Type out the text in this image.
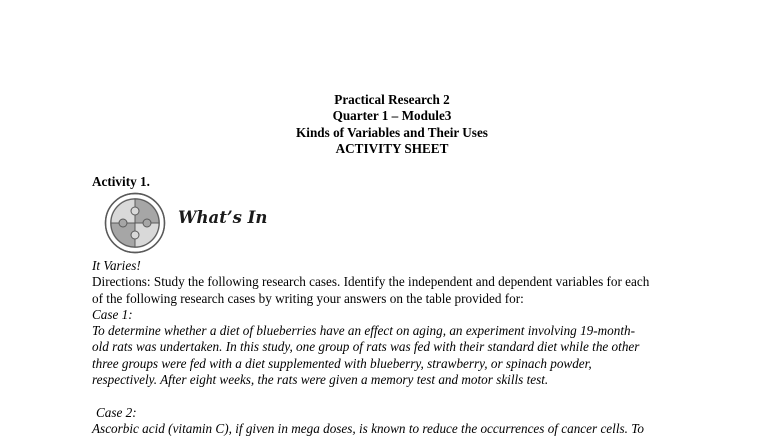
Practical Research 2
Quarter 1 – Module3
Kinds of Variables and Their Uses
ACTIVITY SHEET
Activity 1.
What’s In
It Varies!
Directions: Study the following research cases. Identify the independent and dependent variables for each
of the following research cases by writing your answers on the table provided for:
Case 1:
To determine whether a diet of blueberries have an effect on aging, an experiment involving 19-month-
old rats was undertaken. In this study, one group of rats was fed with their standard diet while the other
three groups were fed with a diet supplemented with blueberry, strawberry, or spinach powder,
respectively. After eight weeks, the rats were given a memory test and motor skills test.
Case 2:
Ascorbic acid (vitamin C), if given in mega doses, is known to reduce the occurrences of cancer cells. To
